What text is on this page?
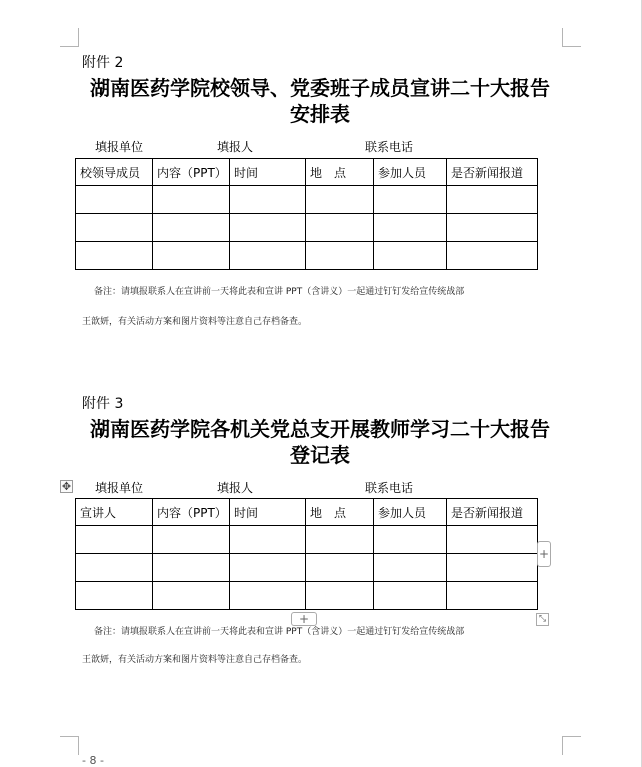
附件 2
湖南医药学院校领导、党委班子成员宣讲二十大报告
安排表
填报单位	填报人	联系电话
校领导成员	内容（PPT）	时间	地　点	参加人员	是否新闻报道

备注：请填报联系人在宣讲前一天将此表和宣讲 PPT（含讲义）一起通过钉钉发给宣传统战部
王歆妍，有关活动方案和图片资料等注意自己存档备查。
附件 3
湖南医药学院各机关党总支开展教师学习二十大报告
登记表
✥ 填报单位	填报人	联系电话
宣讲人	内容（PPT）	时间	地　点	参加人员	是否新闻报道

+
+	⤡
备注：请填报联系人在宣讲前一天将此表和宣讲 PPT（含讲义）一起通过钉钉发给宣传统战部
王歆妍，有关活动方案和图片资料等注意自己存档备查。
- 8 -
